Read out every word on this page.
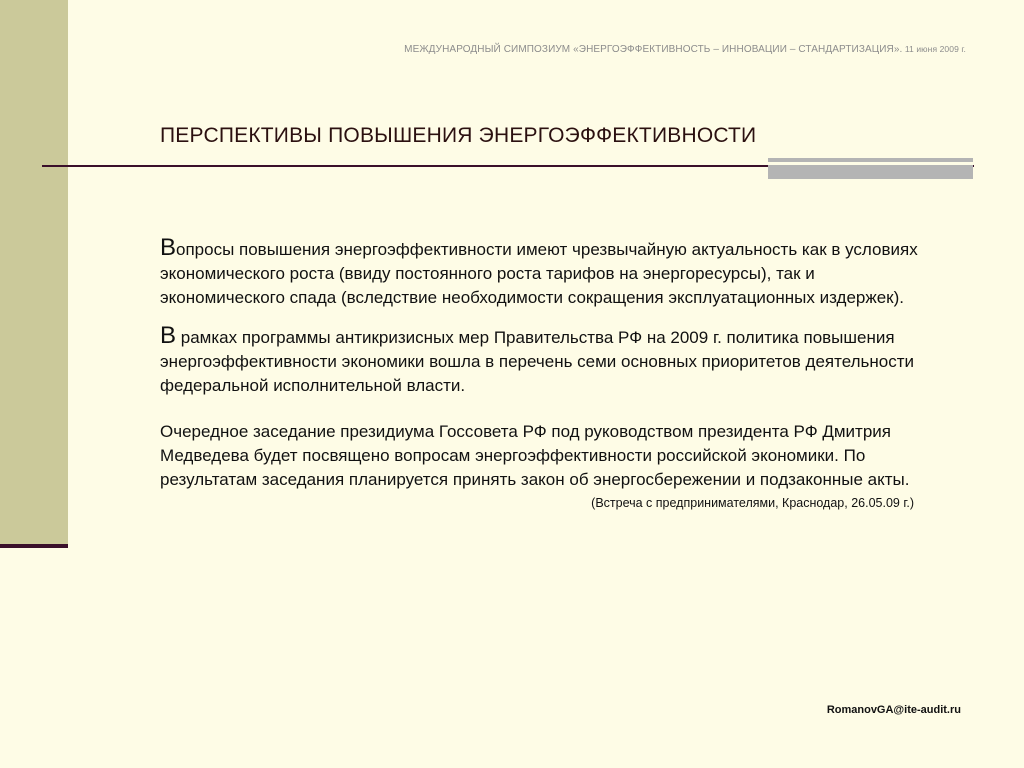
МЕЖДУНАРОДНЫЙ СИМПОЗИУМ «ЭНЕРГОЭФФЕКТИВНОСТЬ – ИННОВАЦИИ – СТАНДАРТИЗАЦИЯ». 11 июня 2009 г.
ПЕРСПЕКТИВЫ ПОВЫШЕНИЯ ЭНЕРГОЭФФЕКТИВНОСТИ

Вопросы повышения энергоэффективности имеют чрезвычайную актуальность как в условиях экономического роста (ввиду постоянного роста тарифов на энергоресурсы), так и экономического спада (вследствие необходимости сокращения эксплуатационных издержек).

В рамках программы антикризисных мер Правительства РФ на 2009 г. политика повышения энергоэффективности экономики вошла в перечень семи основных приоритетов деятельности федеральной исполнительной власти.

Очередное заседание президиума Госсовета РФ под руководством президента РФ Дмитрия Медведева будет посвящено вопросам энергоэффективности российской экономики. По результатам заседания планируется принять закон об энергосбережении и подзаконные акты.

(Встреча с предпринимателями, Краснодар, 26.05.09 г.)

RomanovGA@ite-audit.ru
